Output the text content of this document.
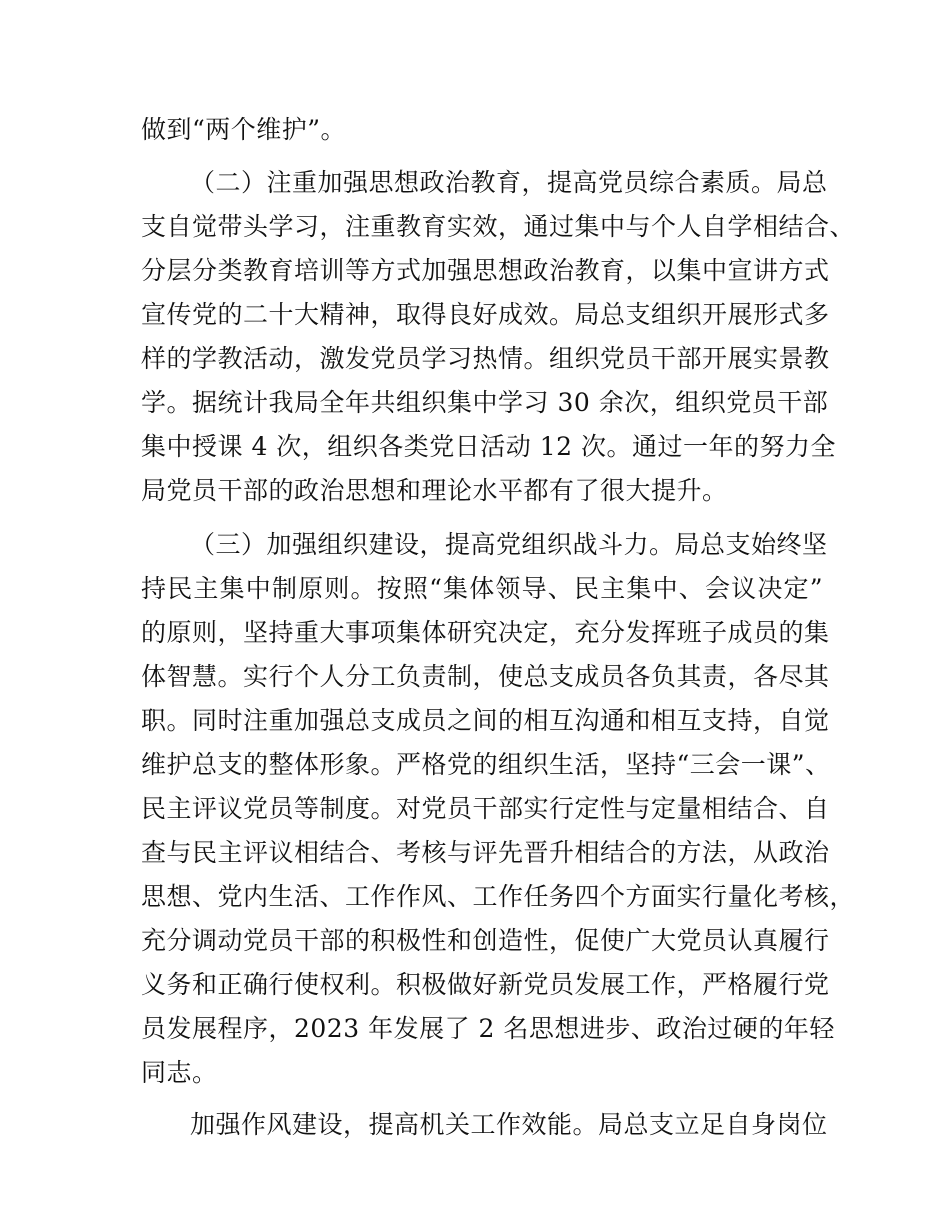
做到“两个维护”。
（二）注重加强思想政治教育，提高党员综合素质。局总
支自觉带头学习，注重教育实效，通过集中与个人自学相结合、
分层分类教育培训等方式加强思想政治教育，以集中宣讲方式
宣传党的二十大精神，取得良好成效。局总支组织开展形式多
样的学教活动，激发党员学习热情。组织党员干部开展实景教
学。据统计我局全年共组织集中学习 30 余次，组织党员干部
集中授课 4 次，组织各类党日活动 12 次。通过一年的努力全
局党员干部的政治思想和理论水平都有了很大提升。
（三）加强组织建设，提高党组织战斗力。局总支始终坚
持民主集中制原则。按照“集体领导、民主集中、会议决定”
的原则，坚持重大事项集体研究决定，充分发挥班子成员的集
体智慧。实行个人分工负责制，使总支成员各负其责，各尽其
职。同时注重加强总支成员之间的相互沟通和相互支持，自觉
维护总支的整体形象。严格党的组织生活，坚持“三会一课”、
民主评议党员等制度。对党员干部实行定性与定量相结合、自
查与民主评议相结合、考核与评先晋升相结合的方法，从政治
思想、党内生活、工作作风、工作任务四个方面实行量化考核，
充分调动党员干部的积极性和创造性，促使广大党员认真履行
义务和正确行使权利。积极做好新党员发展工作，严格履行党
员发展程序，2023 年发展了 2 名思想进步、政治过硬的年轻
同志。
加强作风建设，提高机关工作效能。局总支立足自身岗位
